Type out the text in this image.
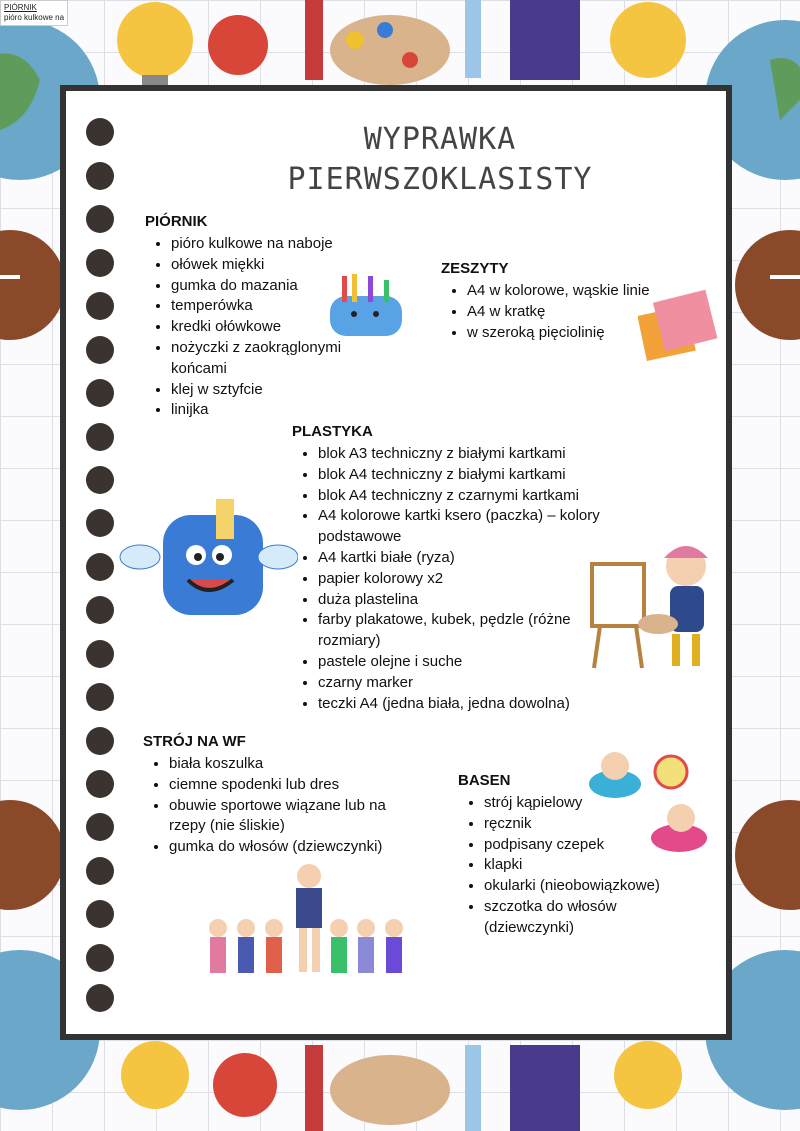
PIÓRNIK
pióro kulkowe na
WYPRAWKA
PIERWSZOKLASISTY
PIÓRNIK
• pióro kulkowe na naboje
• ołówek miękki
• gumka do mazania
• temperówka
• kredki ołówkowe
• nożyczki z zaokrąglonymi końcami
• klej w sztyfcie
• linijka
ZESZYTY
• A4 w kolorowe, wąskie linie
• A4 w kratkę
• w szeroką pięciolinię
PLASTYKA
• blok A3 techniczny z białymi kartkami
• blok A4 techniczny z białymi kartkami
• blok A4 techniczny z czarnymi kartkami
• A4 kolorowe kartki ksero (paczka) – kolory podstawowe
• A4 kartki białe (ryza)
• papier kolorowy x2
• duża plastelina
• farby plakatowe, kubek, pędzle (różne rozmiary)
• pastele olejne i suche
• czarny marker
• teczki A4 (jedna biała, jedna dowolna)
STRÓJ NA WF
• biała koszulka
• ciemne spodenki lub dres
• obuwie sportowe wiązane lub na rzepy (nie śliskie)
• gumka do włosów (dziewczynki)
BASEN
• strój kąpielowy
• ręcznik
• podpisany czepek
• klapki
• okularki (nieobowiązkowe)
• szczotka do włosów (dziewczynki)
